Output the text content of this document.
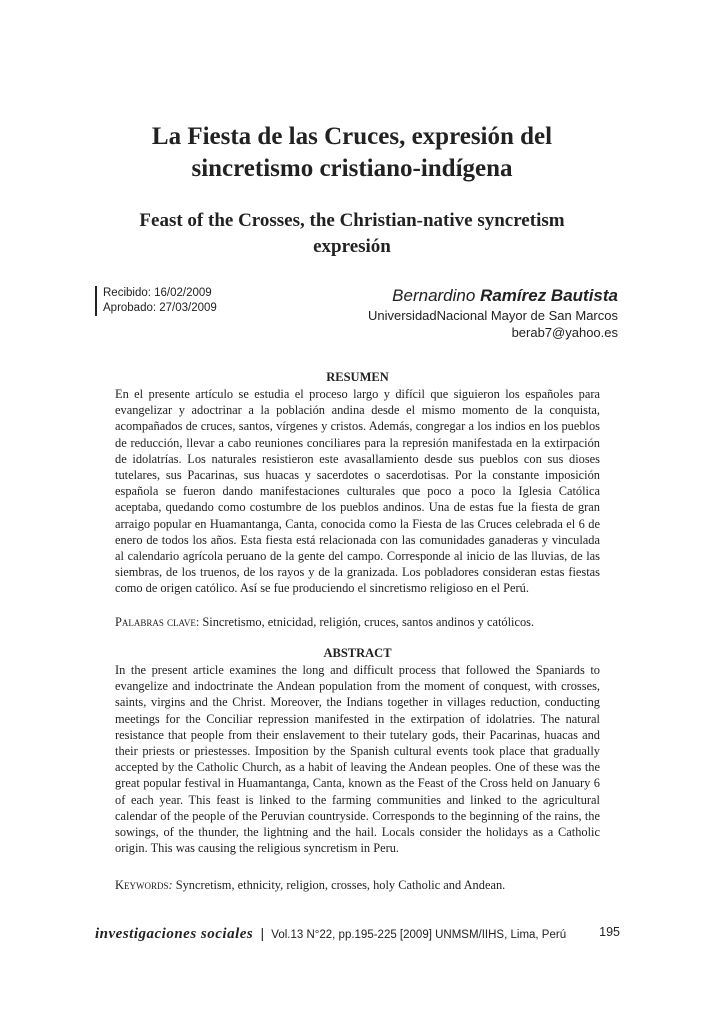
La Fiesta de las Cruces, expresión del
sincretismo cristiano-indígena
Feast of the Crosses, the Christian-native syncretism
expresión
Recibido: 16/02/2009
Aprobado: 27/03/2009
Bernardino Ramírez Bautista
UniversidadNacional Mayor de San Marcos
berab7@yahoo.es
RESUMEN

En el presente artículo se estudia el proceso largo y difícil que siguieron los españoles para evangelizar y adoctrinar a la población andina desde el mismo momento de la conquista, acompañados de cruces, santos, vírgenes y cristos. Además, congregar a los indios en los pueblos de reducción, llevar a cabo reuniones conciliares para la represión manifestada en la extirpación de idolatrías. Los naturales resistieron este avasallamiento desde sus pueblos con sus dioses tutelares, sus Pacarinas, sus huacas y sacerdotes o sacerdotisas. Por la constante imposición española se fueron dando manifestaciones culturales que poco a poco la Iglesia Católica aceptaba, quedando como costumbre de los pueblos andinos. Una de estas fue la fiesta de gran arraigo popular en Huamantanga, Canta, conocida como la Fiesta de las Cruces celebrada el 6 de enero de todos los años. Esta fiesta está relacionada con las comunidades ganaderas y vinculada al calendario agrícola peruano de la gente del campo. Corresponde al inicio de las lluvias, de las siembras, de los truenos, de los rayos y de la granizada. Los pobladores consideran estas fiestas como de origen católico. Así se fue produciendo el sincretismo religioso en el Perú.

Palabras clave: Sincretismo, etnicidad, religión, cruces, santos andinos y católicos.
ABSTRACT

In the present article examines the long and difficult process that followed the Spaniards to evangelize and indoctrinate the Andean population from the moment of conquest, with crosses, saints, virgins and the Christ. Moreover, the Indians together in villages reduction, conducting meetings for the Conciliar repression manifested in the extirpation of idolatries. The natural resistance that people from their enslavement to their tutelary gods, their Pacarinas, huacas and their priests or priestesses. Imposition by the Spanish cultural events took place that gradually accepted by the Catholic Church, as a habit of leaving the Andean peoples. One of these was the great popular festival in Huamantanga, Canta, known as the Feast of the Cross held on January 6 of each year. This feast is linked to the farming communities and linked to the agricultural calendar of the people of the Peruvian countryside. Corresponds to the beginning of the rains, the sowings, of the thunder, the lightning and the hail. Locals consider the holidays as a Catholic origin. This was causing the religious syncretism in Peru.

Keywords: Syncretism, ethnicity, religion, crosses, holy Catholic and Andean.
investigaciones sociales | Vol.13 N°22, pp.195-225 [2009] UNMSM/IIHS, Lima, Perú	195
